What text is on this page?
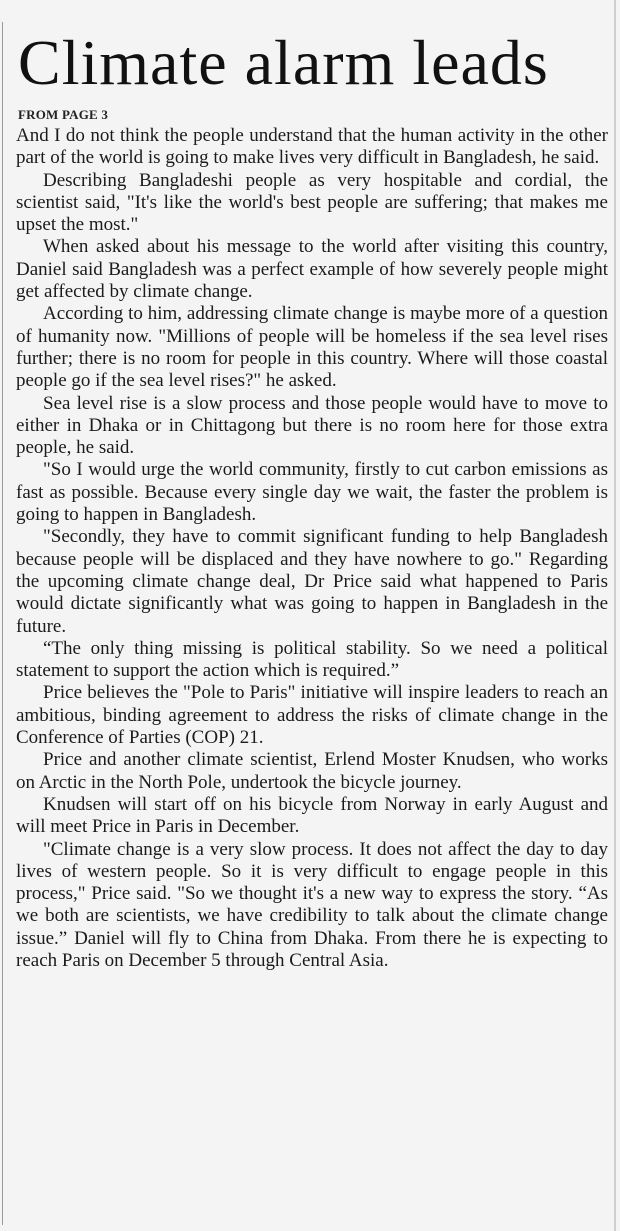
Climate alarm leads
FROM PAGE 3

And I do not think the people understand that the human activity in the other part of the world is going to make lives very difficult in Bangladesh, he said.

Describing Bangladeshi people as very hospitable and cordial, the scientist said, "It's like the world's best people are suffering; that makes me upset the most."

When asked about his message to the world after visiting this country, Daniel said Bangladesh was a perfect example of how severely people might get affected by climate change.

According to him, addressing climate change is maybe more of a question of humanity now. "Millions of people will be homeless if the sea level rises further; there is no room for people in this country. Where will those coastal people go if the sea level rises?" he asked.

Sea level rise is a slow process and those people would have to move to either in Dhaka or in Chittagong but there is no room here for those extra people, he said.

"So I would urge the world community, firstly to cut carbon emissions as fast as possible. Because every single day we wait, the faster the problem is going to happen in Bangladesh.

"Secondly, they have to commit significant funding to help Bangladesh because people will be displaced and they have nowhere to go." Regarding the upcoming climate change deal, Dr Price said what happened to Paris would dictate significantly what was going to happen in Bangladesh in the future.

“The only thing missing is political stability. So we need a political statement to support the action which is required.”

Price believes the "Pole to Paris" initiative will inspire leaders to reach an ambitious, binding agreement to address the risks of climate change in the Conference of Parties (COP) 21.

Price and another climate scientist, Erlend Moster Knudsen, who works on Arctic in the North Pole, undertook the bicycle journey.

Knudsen will start off on his bicycle from Norway in early August and will meet Price in Paris in December.

"Climate change is a very slow process. It does not affect the day to day lives of western people. So it is very difficult to engage people in this process," Price said. "So we thought it's a new way to express the story. “As we both are scientists, we have credibility to talk about the climate change issue.” Daniel will fly to China from Dhaka. From there he is expecting to reach Paris on December 5 through Central Asia.
